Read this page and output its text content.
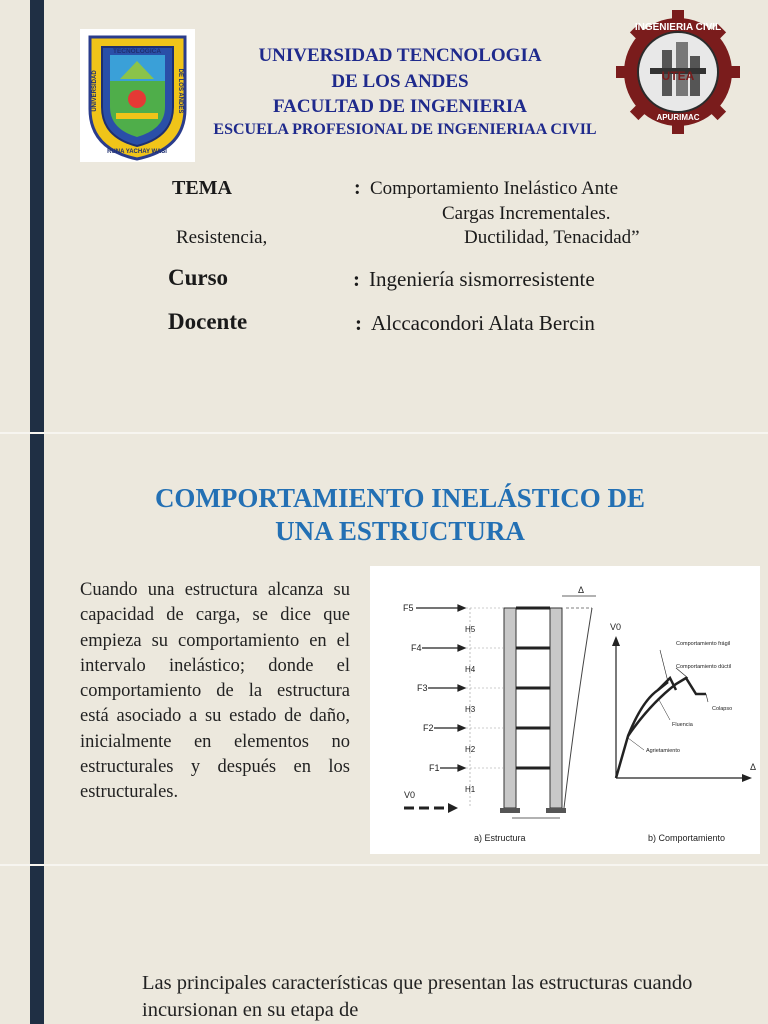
TECNOLÓGICA
UNIVERSIDAD	DE LOS ANDES
RUNA YACHAY WASI
INGENIERIA CIVIL
UTEA
APURIMAC
UNIVERSIDAD TENCNOLOGIA
DE LOS ANDES
FACULTAD DE INGENIERIA
ESCUELA PROFESIONAL DE INGENIERIAA CIVIL
TEMA	: Comportamiento Inelástico Ante
Cargas Incrementales.
Resistencia,	Ductilidad, Tenacidad”
Curso	: Ingeniería sismorresistente
Docente	: Alccacondori Alata Bercin
COMPORTAMIENTO INELÁSTICO DE
UNA ESTRUCTURA
Cuando una estructura alcanza su capacidad de carga, se dice que empieza su comportamiento en el intervalo inelástico; donde el comportamiento de la estructura está asociado a su estado de daño, inicialmente en elementos no estructurales y después en los estructurales.
Δ
F5
F4
F3
F2
F1
H5
H4
H3
H2
H1
V0
V0
Δ
Comportamiento frágil
Comportamiento dúctil
Colapso
Fluencia
Agrietamiento
a) Estructura	b) Comportamiento
Las principales características que presentan las estructuras cuando incursionan en su etapa de
